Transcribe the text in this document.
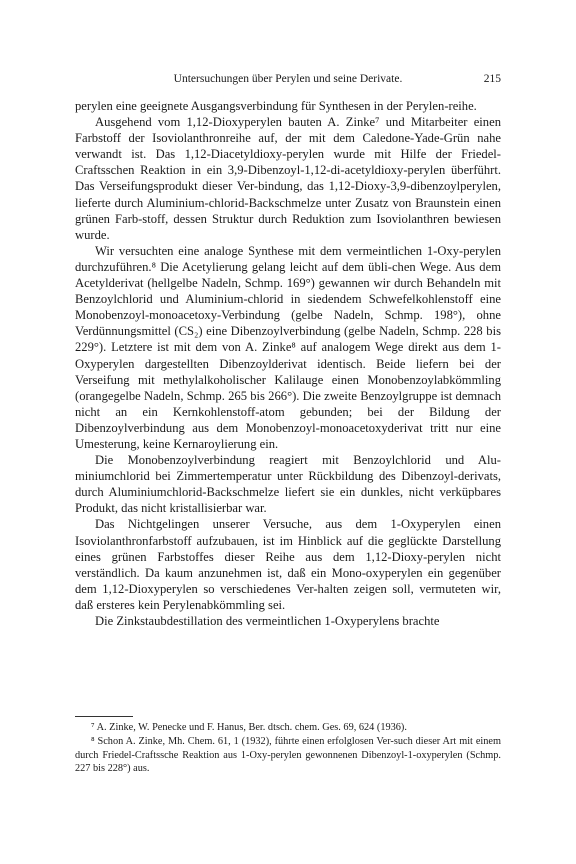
Untersuchungen über Perylen und seine Derivate.	215

perylen eine geeignete Ausgangsverbindung für Synthesen in der Perylen-reihe.

Ausgehend vom 1,12-Dioxyperylen bauten A. Zinke⁷ und Mitarbeiter einen Farbstoff der Isoviolanthronreihe auf, der mit dem Caledone-Yade-Grün nahe verwandt ist. Das 1,12-Diacetyldioxy-perylen wurde mit Hilfe der Friedel-Craftsschen Reaktion in ein 3,9-Dibenzoyl-1,12-di-acetyldioxy-perylen überführt. Das Verseifungsprodukt dieser Ver-bindung, das 1,12-Dioxy-3,9-dibenzoylperylen, lieferte durch Aluminium-chlorid-Backschmelze unter Zusatz von Braunstein einen grünen Farb-stoff, dessen Struktur durch Reduktion zum Isoviolanthren bewiesen wurde.

Wir versuchten eine analoge Synthese mit dem vermeintlichen 1-Oxy-perylen durchzuführen.⁸ Die Acetylierung gelang leicht auf dem übli-chen Wege. Aus dem Acetylderivat (hellgelbe Nadeln, Schmp. 169°) gewannen wir durch Behandeln mit Benzoylchlorid und Aluminium-chlorid in siedendem Schwefelkohlenstoff eine Monobenzoyl-monoacetoxy-Verbindung (gelbe Nadeln, Schmp. 198°), ohne Verdünnungsmittel (CS₂) eine Dibenzoylverbindung (gelbe Nadeln, Schmp. 228 bis 229°). Letztere ist mit dem von A. Zinke⁸ auf analogem Wege direkt aus dem 1-Oxyperylen dargestellten Dibenzoylderivat identisch. Beide liefern bei der Verseifung mit methylalkoholischer Kalilauge einen Monobenzoylabkömmling (orangegelbe Nadeln, Schmp. 265 bis 266°). Die zweite Benzoylgruppe ist demnach nicht an ein Kernkohlenstoff-atom gebunden; bei der Bildung der Dibenzoylverbindung aus dem Monobenzoyl-monoacetoxyderivat tritt nur eine Umesterung, keine Kernaroylierung ein.

Die Monobenzoylverbindung reagiert mit Benzoylchlorid und Alu-miniumchlorid bei Zimmertemperatur unter Rückbildung des Dibenzoyl-derivats, durch Aluminiumchlorid-Backschmelze liefert sie ein dunkles, nicht verküpbares Produkt, das nicht kristallisierbar war.

Das Nichtgelingen unserer Versuche, aus dem 1-Oxyperylen einen Isoviolanthronfarbstoff aufzubauen, ist im Hinblick auf die geglückte Darstellung eines grünen Farbstoffes dieser Reihe aus dem 1,12-Dioxy-perylen nicht verständlich. Da kaum anzunehmen ist, daß ein Mono-oxyperylen ein gegenüber dem 1,12-Dioxyperylen so verschiedenes Ver-halten zeigen soll, vermuteten wir, daß ersteres kein Perylenabkömmling sei.

Die Zinkstaubdestillation des vermeintlichen 1-Oxyperylens brachte

⁷ A. Zinke, W. Penecke und F. Hanus, Ber. dtsch. chem. Ges. 69, 624 (1936).

⁸ Schon A. Zinke, Mh. Chem. 61, 1 (1932), führte einen erfolglosen Ver-such dieser Art mit einem durch Friedel-Craftssche Reaktion aus 1-Oxy-perylen gewonnenen Dibenzoyl-1-oxyperylen (Schmp. 227 bis 228°) aus.
